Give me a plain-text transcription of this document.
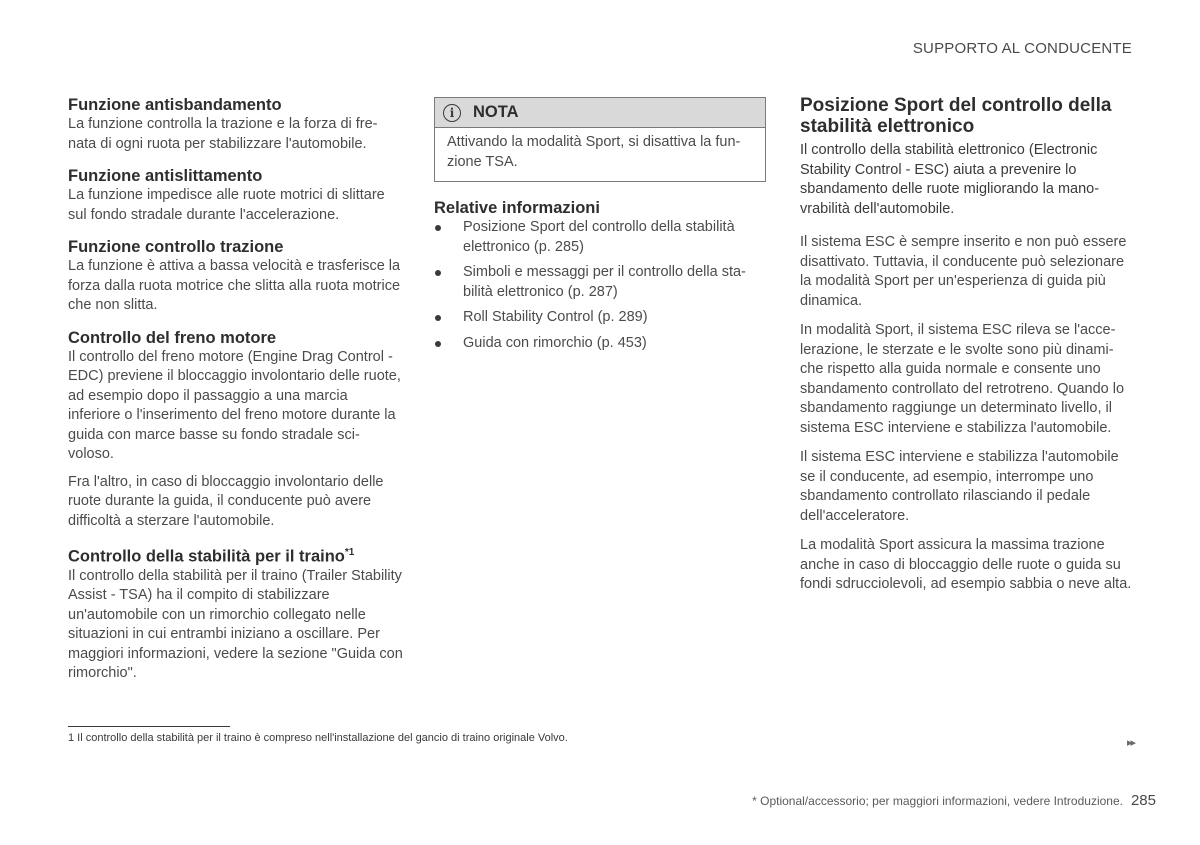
SUPPORTO AL CONDUCENTE
Funzione antisbandamento

La funzione controlla la trazione e la forza di fre- nata di ogni ruota per stabilizzare l'automobile.

Funzione antislittamento

La funzione impedisce alle ruote motrici di slittare sul fondo stradale durante l'accelerazione.

Funzione controllo trazione

La funzione è attiva a bassa velocità e trasferisce la forza dalla ruota motrice che slitta alla ruota motrice che non slitta.

Controllo del freno motore

Il controllo del freno motore (Engine Drag Control - EDC) previene il bloccaggio involontario delle ruote, ad esempio dopo il passaggio a una marcia inferiore o l'inserimento del freno motore durante la guida con marce basse su fondo stradale sci- voloso.

Fra l'altro, in caso di bloccaggio involontario delle ruote durante la guida, il conducente può avere difficoltà a sterzare l'automobile.

Controllo della stabilità per il traino$^{*1}$

Il controllo della stabilità per il traino (Trailer Stability Assist - TSA) ha il compito di stabilizzare un'automobile con un rimorchio collegato nelle situazioni in cui entrambi iniziano a oscillare. Per maggiori informazioni, vedere la sezione "Guida con rimorchio".

i	NOTA

Attivando la modalità Sport, si disattiva la fun- zione TSA.

Relative informazioni
Posizione Sport del controllo della stabilità elettronico (p. 285)
Simboli e messaggi per il controllo della sta- bilità elettronico (p. 287)
Roll Stability Control (p. 289)
Guida con rimorchio (p. 453)
Posizione Sport del controllo della stabilità elettronico

Il controllo della stabilità elettronico (Electronic Stability Control - ESC) aiuta a prevenire lo sbandamento delle ruote migliorando la mano- vrabilità dell'automobile.

Il sistema ESC è sempre inserito e non può essere disattivato. Tuttavia, il conducente può selezionare la modalità Sport per un'esperienza di guida più dinamica.

In modalità Sport, il sistema ESC rileva se l'acce- lerazione, le sterzate e le svolte sono più dinami- che rispetto alla guida normale e consente uno sbandamento controllato del retrotreno. Quando lo sbandamento raggiunge un determinato livello, il sistema ESC interviene e stabilizza l'automobile.

Il sistema ESC interviene e stabilizza l'automobile se il conducente, ad esempio, interrompe uno sbandamento controllato rilasciando il pedale dell'acceleratore.

La modalità Sport assicura la massima trazione anche in caso di bloccaggio delle ruote o guida su fondi sdrucciolevoli, ad esempio sabbia o neve alta.

1 Il controllo della stabilità per il traino è compreso nell'installazione del gancio di traino originale Volvo.	▸▸
* Optional/accessorio; per maggiori informazioni, vedere Introduzione. 285
